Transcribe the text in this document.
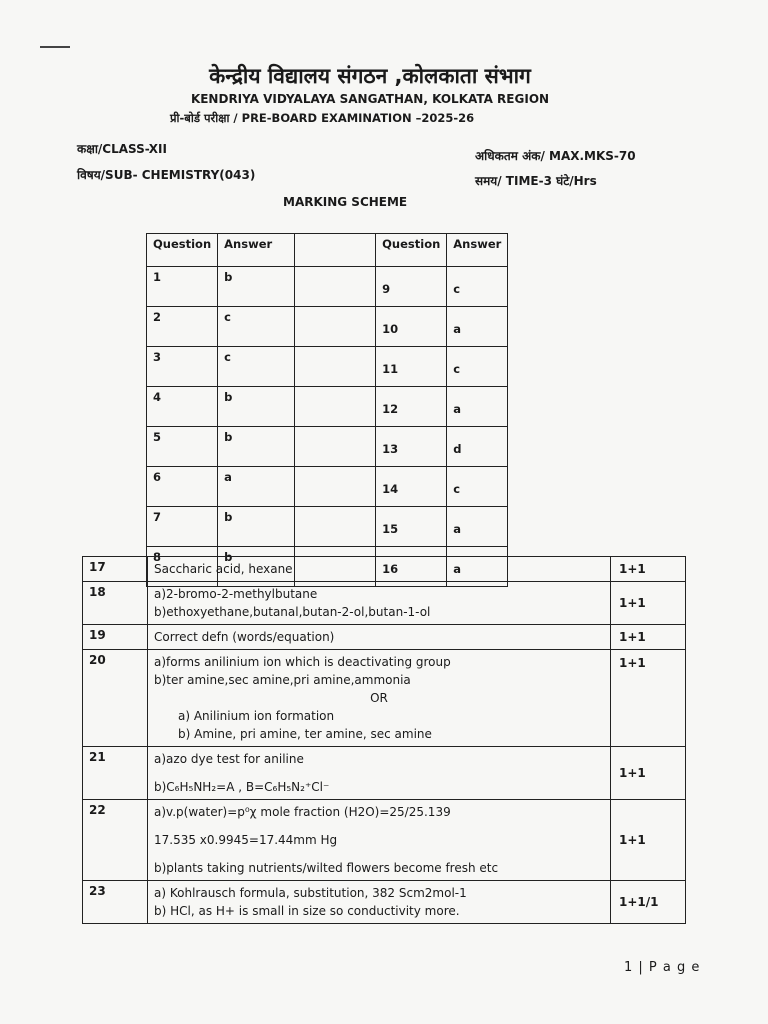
केन्द्रीय विद्यालय संगठन ,कोलकाता संभाग
KENDRIYA VIDYALAYA SANGATHAN, KOLKATA REGION
प्री-बोर्ड परीक्षा / PRE-BOARD EXAMINATION –2025-26
कक्षा/CLASS-XII
विषय/SUB- CHEMISTRY(043)
अधिकतम अंक/ MAX.MKS-70
समय/ TIME-3 घंटे/Hrs
MARKING SCHEME
Question	Answer		Question	Answer
1	b		9	c
2	c		10	a
3	c		11	c
4	b		12	a
5	b		13	d
6	a		14	c
7	b		15	a
8	b		16	a
17	Saccharic acid, hexane	1+1
18	a)2-bromo-2-methylbutane
b)ethoxyethane,butanal,butan-2-ol,butan-1-ol	1+1
19	Correct defn (words/equation)	1+1
20	a)forms anilinium ion which is deactivating group
b)ter amine,sec amine,pri amine,ammonia
OR
a) Anilinium ion formation
b) Amine, pri amine, ter amine, sec amine	1+1
21	a)azo dye test for aniline
b)C₆H₅NH₂=A , B=C₆H₅N₂⁺Cl⁻	1+1
22	a)v.p(water)=p⁰χ mole fraction (H2O)=25/25.139
17.535 x0.9945=17.44mm Hg
b)plants taking nutrients/wilted flowers become fresh etc	1+1
23	a) Kohlrausch formula, substitution, 382 Scm2mol-1
b) HCl, as H+ is small in size so conductivity more.	1+1/1
1 | P a g e
